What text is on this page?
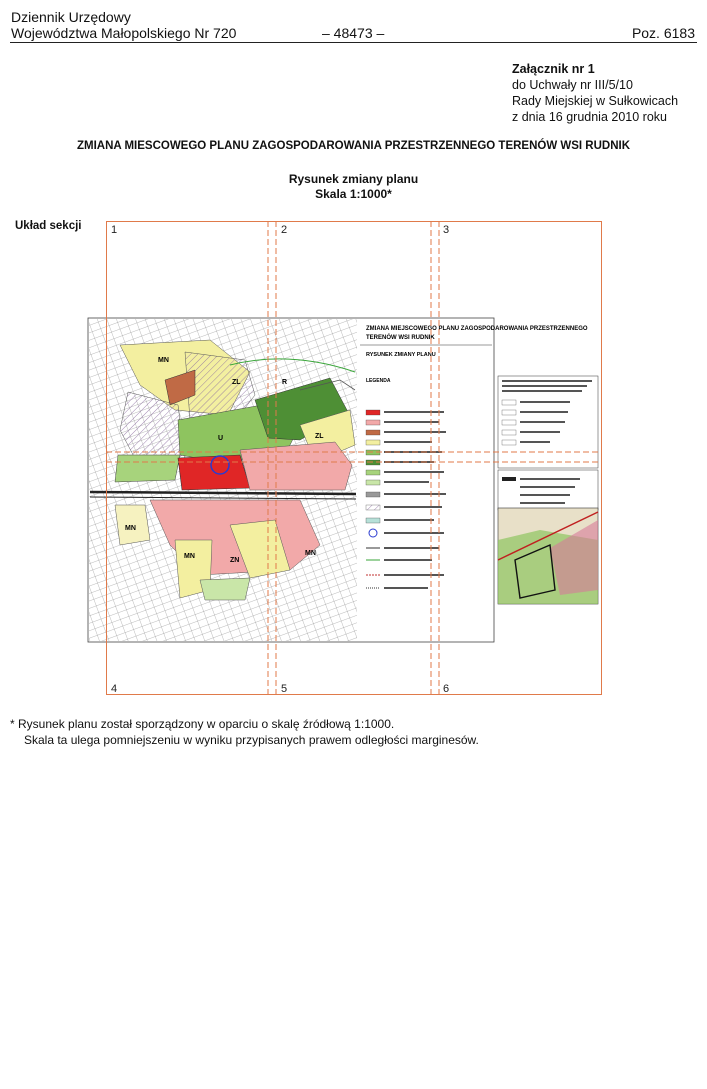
Dziennik Urzędowy
Województwa Małopolskiego Nr 720	– 48473 –	Poz. 6183
Załącznik nr 1
do Uchwały nr III/5/10
Rady Miejskiej w Sułkowicach
z dnia 16 grudnia 2010 roku
ZMIANA MIESCOWEGO PLANU ZAGOSPODAROWANIA PRZESTRZENNEGO TERENÓW WSI RUDNIK
Rysunek zmiany planu
Skala 1:1000*
Układ sekcji
MN
ZL	R
U	ZL
ZN
MN
MN	MN
ZMIANA MIEJSCOWEGO PLANU ZAGOSPODAROWANIA PRZESTRZENNEGO
TERENÓW WSI RUDNIK
RYSUNEK ZMIANY PLANU
LEGENDA
1	2	3
4	5	6
* Rysunek planu został sporządzony w oparciu o skalę źródłową 1:1000.
Skala ta ulega pomniejszeniu w wyniku przypisanych prawem odległości marginesów.
